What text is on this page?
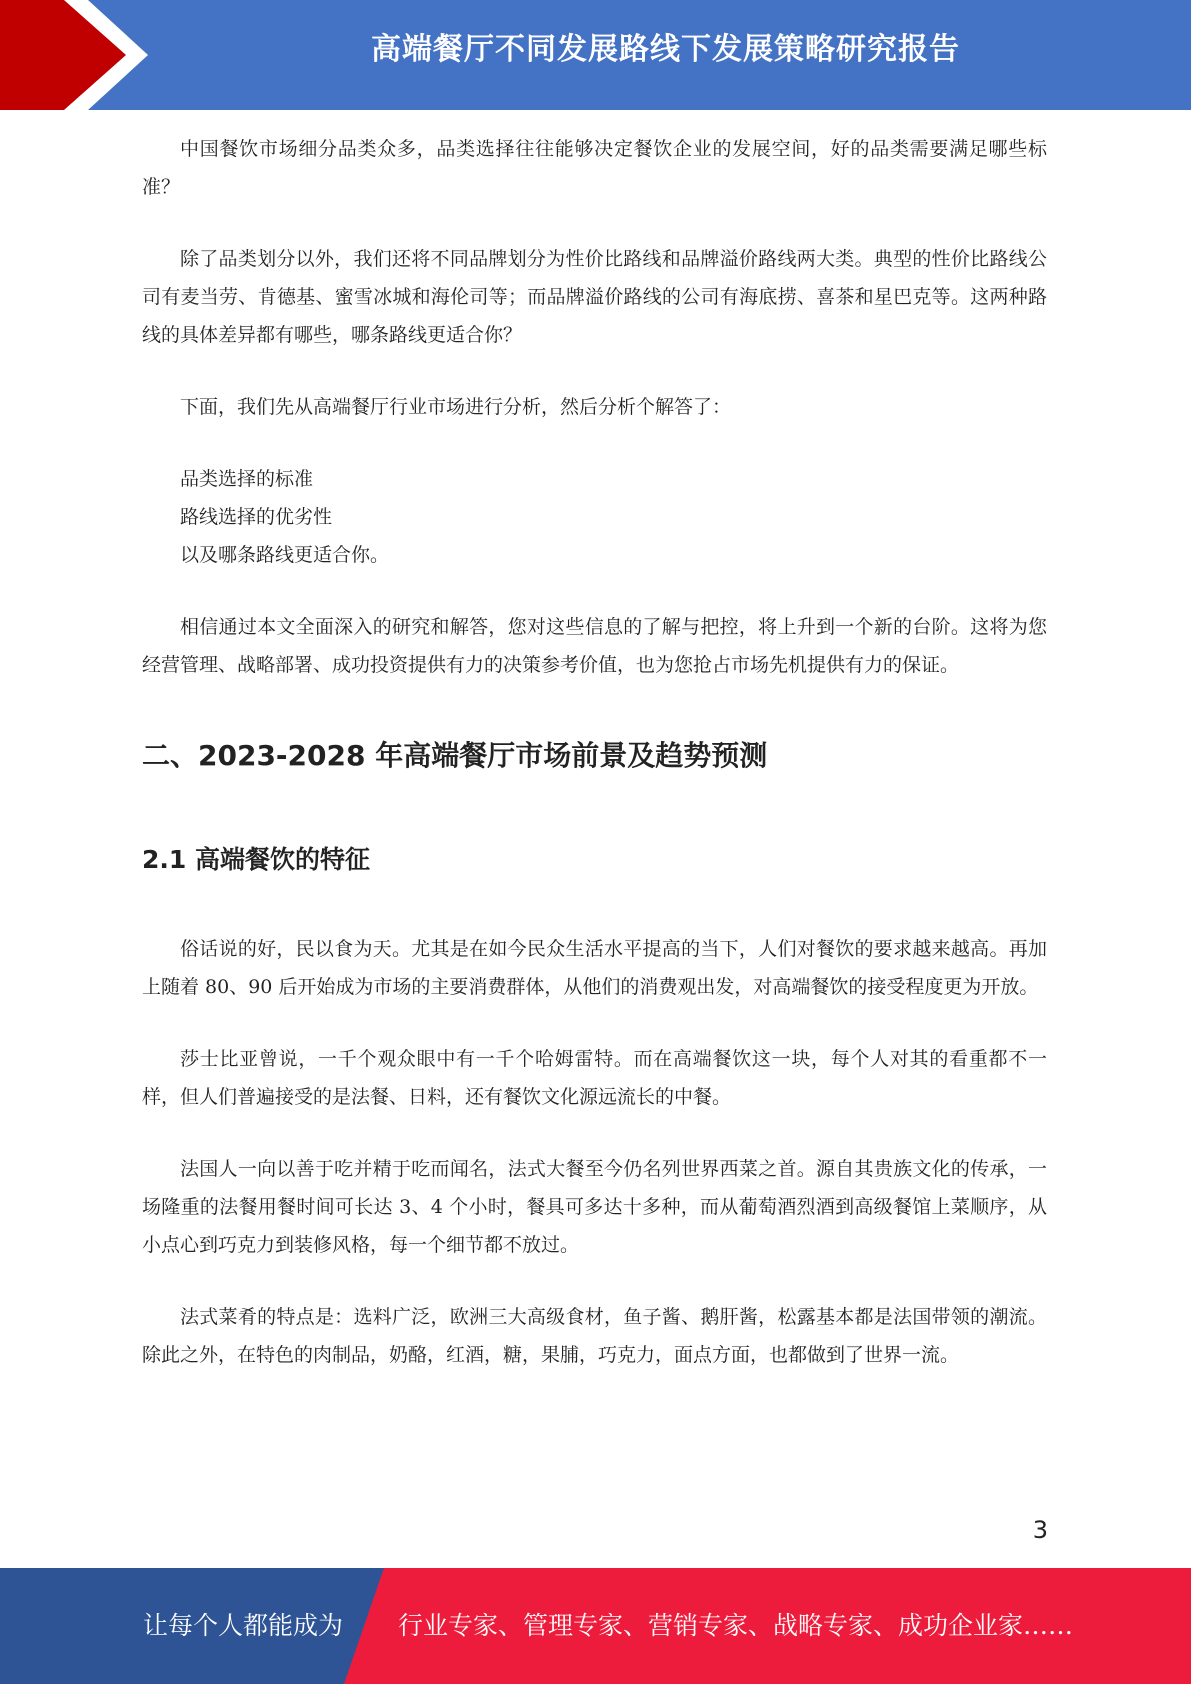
高端餐厅不同发展路线下发展策略研究报告

中国餐饮市场细分品类众多，品类选择往往能够决定餐饮企业的发展空间，好的品类需要满足哪些标准？

除了品类划分以外，我们还将不同品牌划分为性价比路线和品牌溢价路线两大类。典型的性价比路线公司有麦当劳、肯德基、蜜雪冰城和海伦司等；而品牌溢价路线的公司有海底捞、喜茶和星巴克等。这两种路线的具体差异都有哪些，哪条路线更适合你？

下面，我们先从高端餐厅行业市场进行分析，然后分析个解答了：

品类选择的标准

路线选择的优劣性

以及哪条路线更适合你。

相信通过本文全面深入的研究和解答，您对这些信息的了解与把控，将上升到一个新的台阶。这将为您经营管理、战略部署、成功投资提供有力的决策参考价值，也为您抢占市场先机提供有力的保证。

二、2023-2028 年高端餐厅市场前景及趋势预测
2.1 高端餐饮的特征

俗话说的好，民以食为天。尤其是在如今民众生活水平提高的当下，人们对餐饮的要求越来越高。再加上随着 80、90 后开始成为市场的主要消费群体，从他们的消费观出发，对高端餐饮的接受程度更为开放。

莎士比亚曾说，一千个观众眼中有一千个哈姆雷特。而在高端餐饮这一块，每个人对其的看重都不一样，但人们普遍接受的是法餐、日料，还有餐饮文化源远流长的中餐。

法国人一向以善于吃并精于吃而闻名，法式大餐至今仍名列世界西菜之首。源自其贵族文化的传承，一场隆重的法餐用餐时间可长达 3、4 个小时，餐具可多达十多种，而从葡萄酒烈酒到高级餐馆上菜顺序，从小点心到巧克力到装修风格，每一个细节都不放过。

法式菜肴的特点是：选料广泛，欧洲三大高级食材，鱼子酱、鹅肝酱，松露基本都是法国带领的潮流。除此之外，在特色的肉制品，奶酪，红酒，糖，果脯，巧克力，面点方面，也都做到了世界一流。

3
让每个人都能成为 行业专家、管理专家、营销专家、战略专家、成功企业家……
